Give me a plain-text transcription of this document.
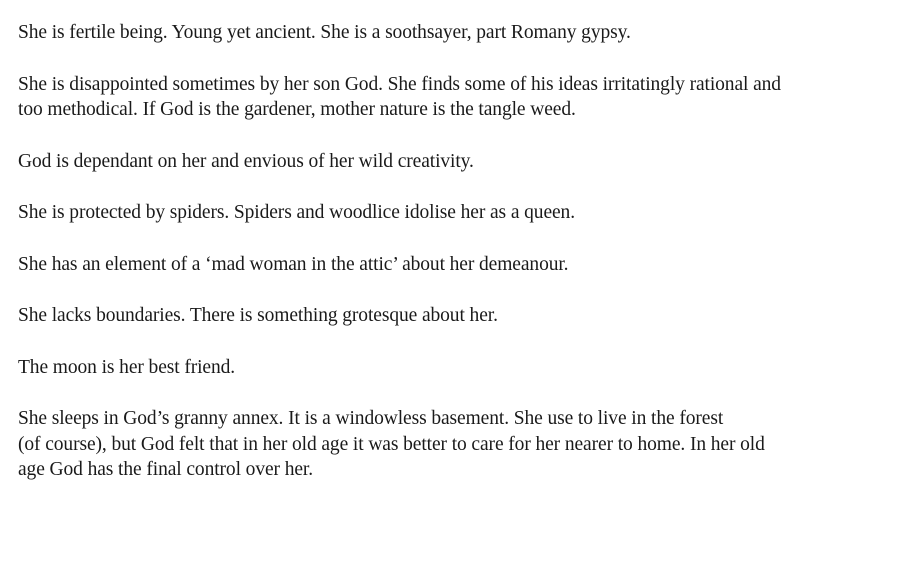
She is fertile being. Young yet ancient. She is a soothsayer, part Romany gypsy.

She is disappointed sometimes by her son God. She finds some of his ideas irritatingly rational and
too methodical. If God is the gardener, mother nature is the tangle weed.

God is dependant on her and envious of her wild creativity.

She is protected by spiders. Spiders and woodlice idolise her as a queen.

She has an element of a ‘mad woman in the attic’ about her demeanour.

She lacks boundaries. There is something grotesque about her.

The moon is her best friend.

She sleeps in God’s granny annex. It is a windowless basement. She use to live in the forest
(of course), but God felt that in her old age it was better to care for her nearer to home. In her old
age God has the final control over her.
